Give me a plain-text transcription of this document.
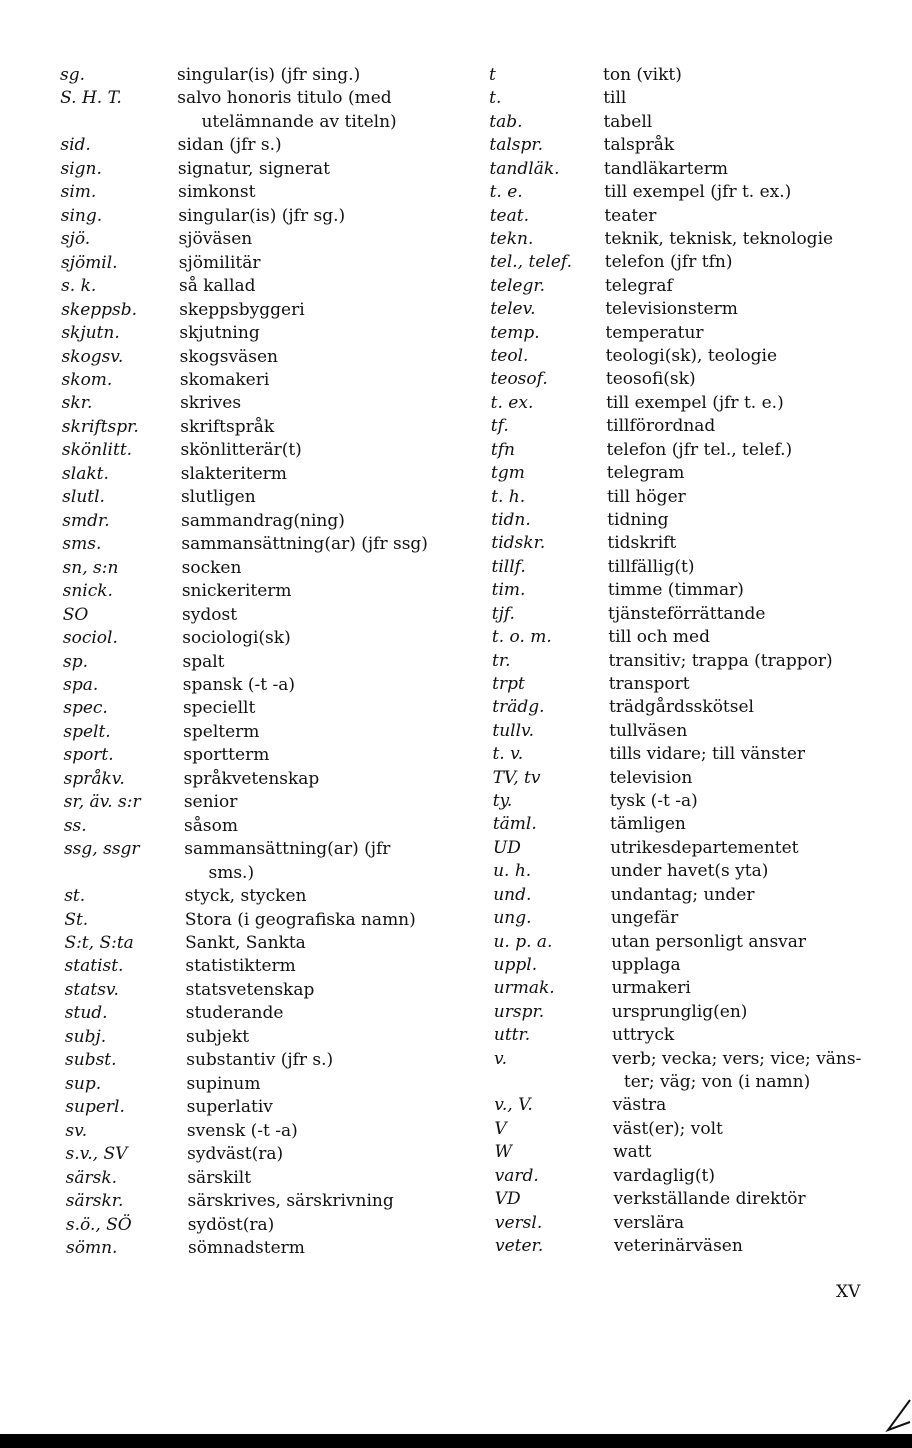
sg.	singular(is) (jfr sing.)
S. H. T.	salvo honoris titulo (med
utelämnande av titeln)
sid.	sidan (jfr s.)
sign.	signatur, signerat
sim.	simkonst
sing.	singular(is) (jfr sg.)
sjö.	sjöväsen
sjömil.	sjömilitär
s. k.	så kallad
skeppsb. skeppsbyggeri
skjutn.	skjutning
skogsv.	skogsväsen
skom.	skomakeri
skr.	skrives
skriftspr. skriftspråk
skönlitt.	skönlitterär(t)
slakt.	slakteriterm
slutl.	slutligen
smdr.	sammandrag(ning)
sms.	sammansättning(ar) (jfr ssg)
sn, s:n	socken
snick.	snickeriterm
SO	sydost
sociol.	sociologi(sk)
sp.	spalt
spa.	spansk (-t -a)
spec.	speciellt
spelt.	spelterm
sport.	sportterm
språkv.	språkvetenskap
sr, äv. s:r	senior
ss.	såsom
ssg, ssgr	sammansättning(ar) (jfr
sms.)
st.	styck, stycken
St.	Stora (i geografiska namn)
S:t, S:ta	Sankt, Sankta
statist.	statistikterm
statsv.	statsvetenskap
stud.	studerande
subj.	subjekt
subst.	substantiv (jfr s.)
sup.	supinum
superl.	superlativ
sv.	svensk (-t -a)
s.v., SV	sydväst(ra)
särsk.	särskilt
särskr.	särskrives, särskrivning
s.ö., SÖ	sydöst(ra)
sömn.	sömnadsterm
t	ton (vikt)
t.	till
tab.	tabell
talspr.	talspråk
tandläk.	tandläkarterm
t. e.	till exempel (jfr t. ex.)
teat.	teater
tekn.	teknik, teknisk, teknologie
tel., telef. telefon (jfr tfn)
telegr.	telegraf
telev.	televisionsterm
temp.	temperatur
teol.	teologi(sk), teologie
teosof.	teosofi(sk)
t. ex.	till exempel (jfr t. e.)
tf.	tillförordnad
tfn	telefon (jfr tel., telef.)
tgm	telegram
t. h.	till höger
tidn.	tidning
tidskr.	tidskrift
tillf.	tillfällig(t)
tim.	timme (timmar)
tjf.	tjänsteförrättande
t. o. m.	till och med
tr.	transitiv; trappa (trappor)
trpt	transport
trädg.	trädgårdsskötsel
tullv.	tullväsen
t. v.	tills vidare; till vänster
TV, tv	television
ty.	tysk (-t -a)
täml.	tämligen
UD	utrikesdepartementet
u. h.	under havet(s yta)
und.	undantag; under
ung.	ungefär
u. p. a.	utan personligt ansvar
uppl.	upplaga
urmak.	urmakeri
urspr.	ursprunglig(en)
uttr.	uttryck
v.	verb; vecka; vers; vice; väns-
ter; väg; von (i namn)
v., V.	västra
V	väst(er); volt
W	watt
vard.	vardaglig(t)
VD	verkställande direktör
versl.	verslära
veter.	veterinärväsen
XV
